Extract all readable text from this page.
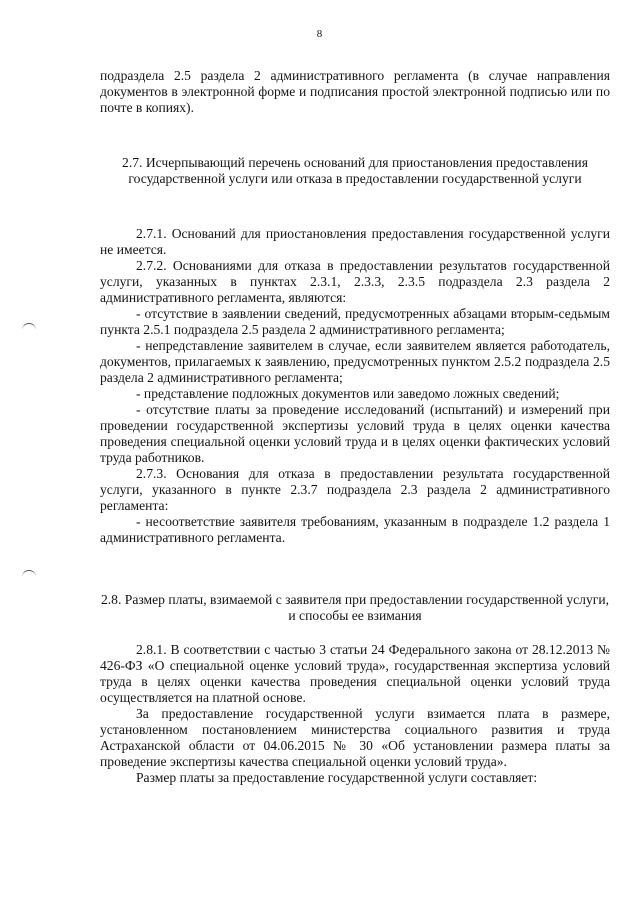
8

подраздела 2.5 раздела 2 административного регламента (в случае направления документов в электронной форме и подписания простой электронной подписью или по почте в копиях).

2.7. Исчерпывающий перечень оснований для приостановления предоставления государственной услуги или отказа в предоставлении государственной услуги

2.7.1. Оснований для приостановления предоставления государственной услуги не имеется.

2.7.2. Основаниями для отказа в предоставлении результатов государственной услуги, указанных в пунктах 2.3.1, 2.3.3, 2.3.5 подраздела 2.3 раздела 2 административного регламента, являются:

- отсутствие в заявлении сведений, предусмотренных абзацами вторым-седьмым пункта 2.5.1 подраздела 2.5 раздела 2 административного регламента;

- непредставление заявителем в случае, если заявителем является работодатель, документов, прилагаемых к заявлению, предусмотренных пунктом 2.5.2 подраздела 2.5 раздела 2 административного регламента;

- представление подложных документов или заведомо ложных сведений;

- отсутствие платы за проведение исследований (испытаний) и измерений при проведении государственной экспертизы условий труда в целях оценки качества проведения специальной оценки условий труда и в целях оценки фактических условий труда работников.

2.7.3. Основания для отказа в предоставлении результата государственной услуги, указанного в пункте 2.3.7 подраздела 2.3 раздела 2 административного регламента:

- несоответствие заявителя требованиям, указанным в подразделе 1.2 раздела 1 административного регламента.

2.8. Размер платы, взимаемой с заявителя при предоставлении государственной услуги, и способы ее взимания

2.8.1. В соответствии с частью 3 статьи 24 Федерального закона от 28.12.2013 № 426-ФЗ «О специальной оценке условий труда», государственная экспертиза условий труда в целях оценки качества проведения специальной оценки условий труда осуществляется на платной основе.

За предоставление государственной услуги взимается плата в размере, установленном постановлением министерства социального развития и труда Астраханской области от 04.06.2015 № 30 «Об установлении размера платы за проведение экспертизы качества специальной оценки условий труда».

Размер платы за предоставление государственной услуги составляет:
